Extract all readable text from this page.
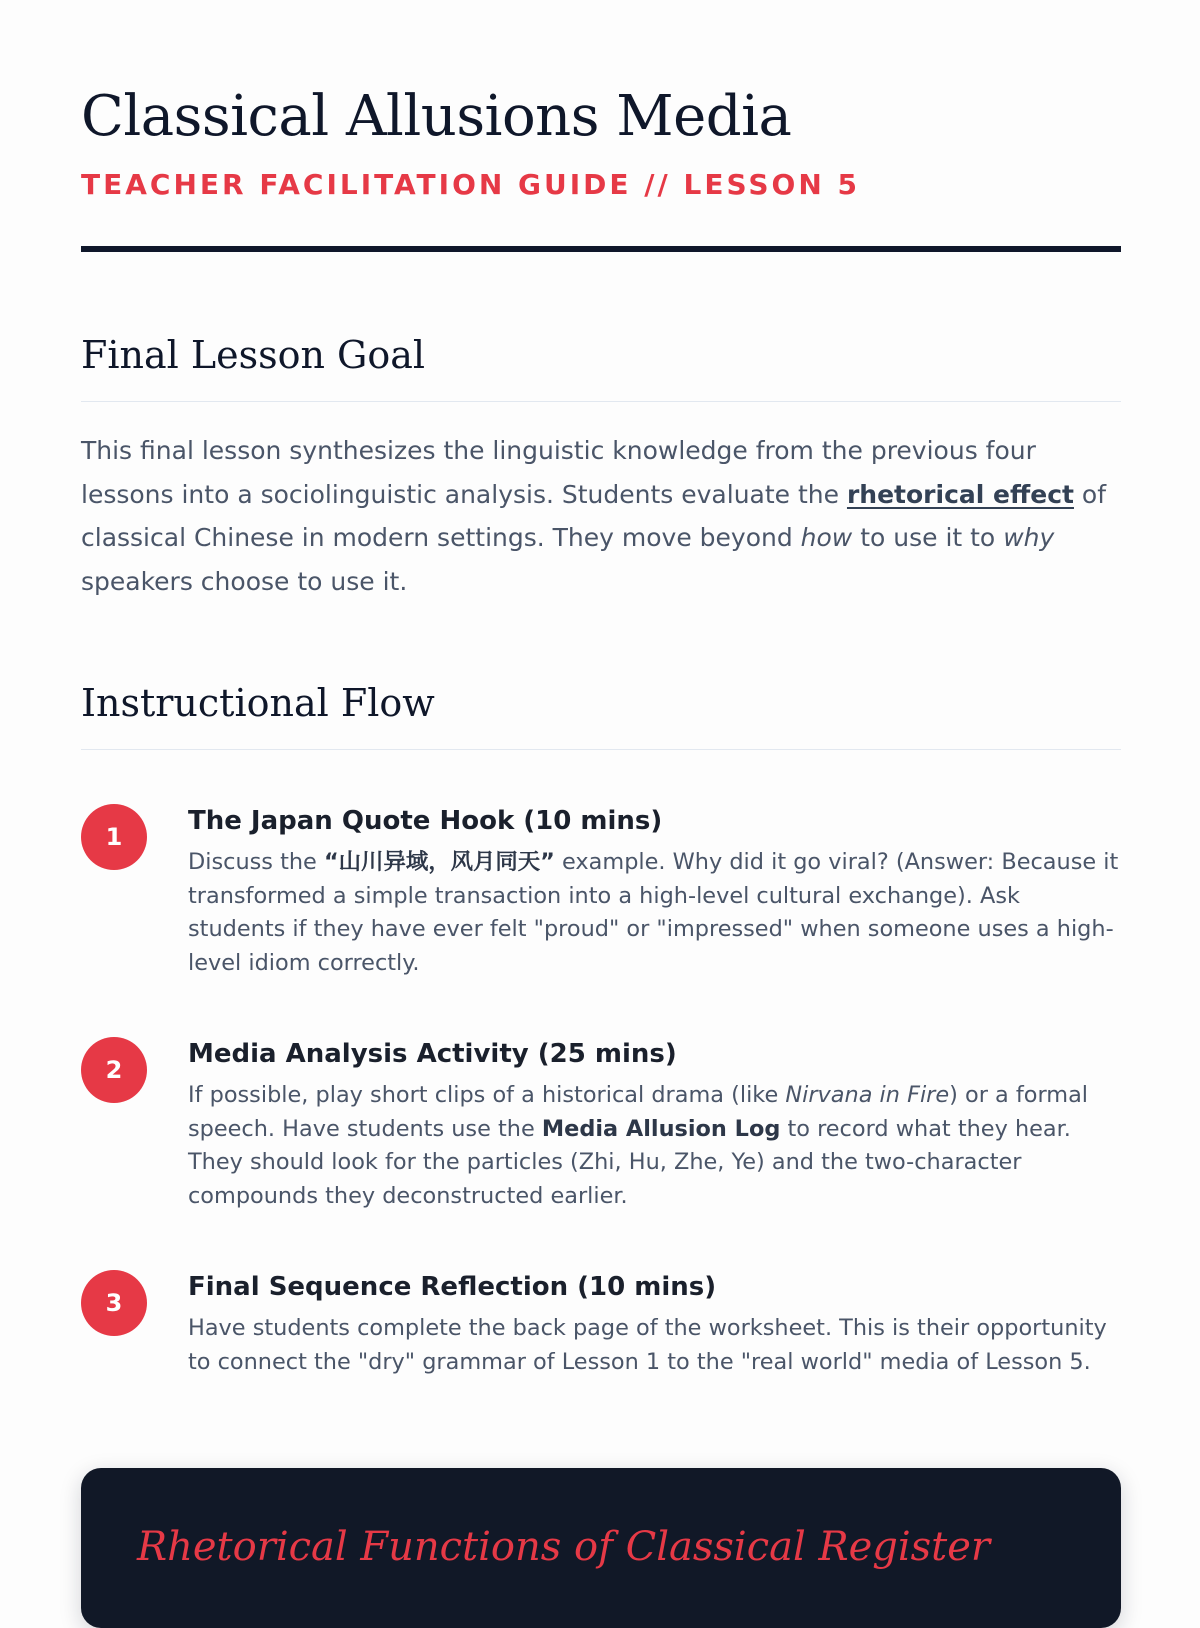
Classical Allusions Media
TEACHER FACILITATION GUIDE // LESSON 5
Final Lesson Goal

This final lesson synthesizes the linguistic knowledge from the previous four lessons into a sociolinguistic analysis. Students evaluate the rhetorical effect of classical Chinese in modern settings. They move beyond how to use it to why speakers choose to use it.

Instructional Flow
1
The Japan Quote Hook (10 mins)

Discuss the “山川异域，风月同天” example. Why did it go viral? (Answer: Because it transformed a simple transaction into a high-level cultural exchange). Ask students if they have ever felt "proud" or "impressed" when someone uses a high-level idiom correctly.

2
Media Analysis Activity (25 mins)

If possible, play short clips of a historical drama (like Nirvana in Fire) or a formal speech. Have students use the Media Allusion Log to record what they hear. They should look for the particles (Zhi, Hu, Zhe, Ye) and the two-character compounds they deconstructed earlier.

3
Final Sequence Reflection (10 mins)

Have students complete the back page of the worksheet. This is their opportunity to connect the "dry" grammar of Lesson 1 to the "real world" media of Lesson 5.

Rhetorical Functions of Classical Register
